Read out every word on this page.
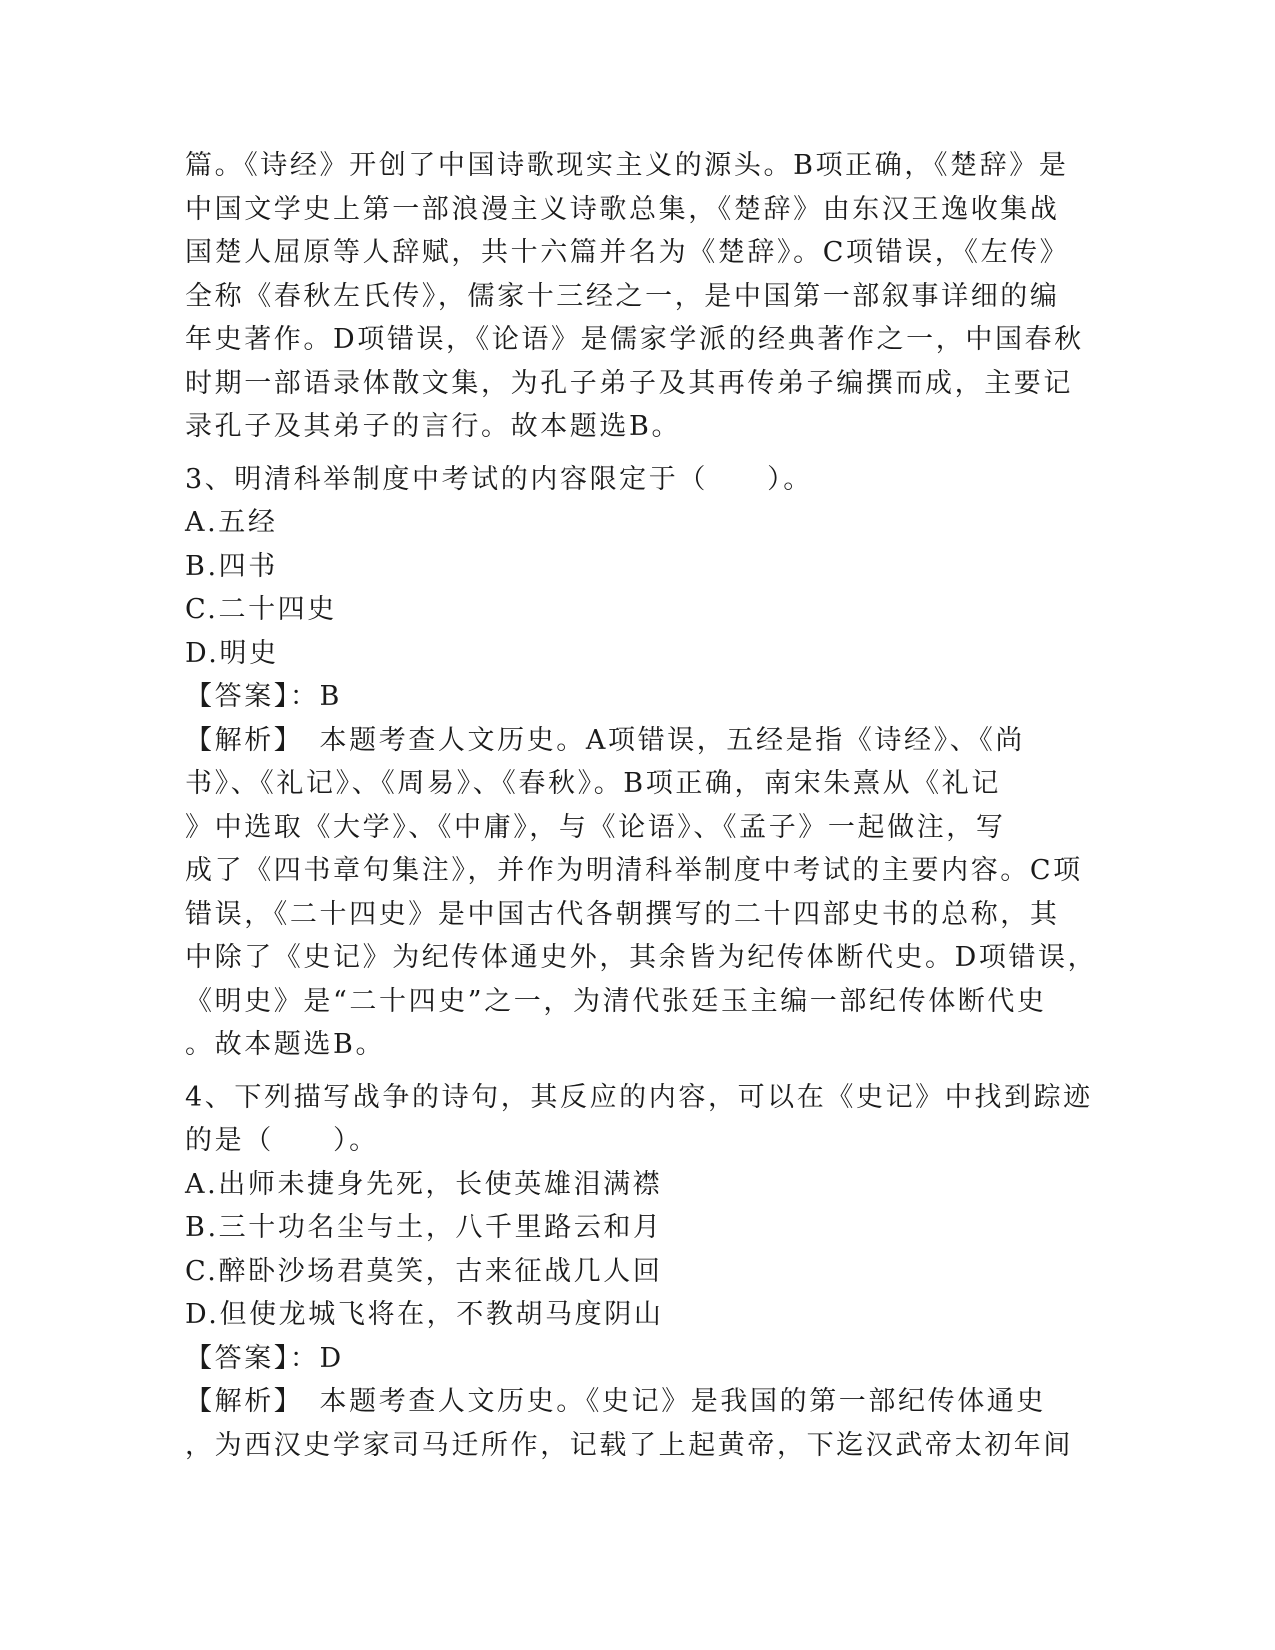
篇。《诗经》开创了中国诗歌现实主义的源头。B项正确，《楚辞》是
中国文学史上第一部浪漫主义诗歌总集，《楚辞》由东汉王逸收集战
国楚人屈原等人辞赋，共十六篇并名为《楚辞》。C项错误，《左传》
全称《春秋左氏传》，儒家十三经之一，是中国第一部叙事详细的编
年史著作。D项错误，《论语》是儒家学派的经典著作之一，中国春秋
时期一部语录体散文集，为孔子弟子及其再传弟子编撰而成，主要记
录孔子及其弟子的言行。故本题选B。
3、明清科举制度中考试的内容限定于（　　）。
A.五经
B.四书
C.二十四史
D.明史
【答案】：B
【解析】　本题考查人文历史。A项错误，五经是指《诗经》、《尚
书》、《礼记》、《周易》、《春秋》。B项正确，南宋朱熹从《礼记
》中选取《大学》、《中庸》，与《论语》、《孟子》一起做注，写
成了《四书章句集注》，并作为明清科举制度中考试的主要内容。C项
错误，《二十四史》是中国古代各朝撰写的二十四部史书的总称，其
中除了《史记》为纪传体通史外，其余皆为纪传体断代史。D项错误，
《明史》是“二十四史”之一，为清代张廷玉主编一部纪传体断代史
。故本题选B。
4、下列描写战争的诗句，其反应的内容，可以在《史记》中找到踪迹
的是（　　）。
A.出师未捷身先死，长使英雄泪满襟
B.三十功名尘与土，八千里路云和月
C.醉卧沙场君莫笑，古来征战几人回
D.但使龙城飞将在，不教胡马度阴山
【答案】：D
【解析】　本题考查人文历史。《史记》是我国的第一部纪传体通史
，为西汉史学家司马迁所作，记载了上起黄帝，下迄汉武帝太初年间
